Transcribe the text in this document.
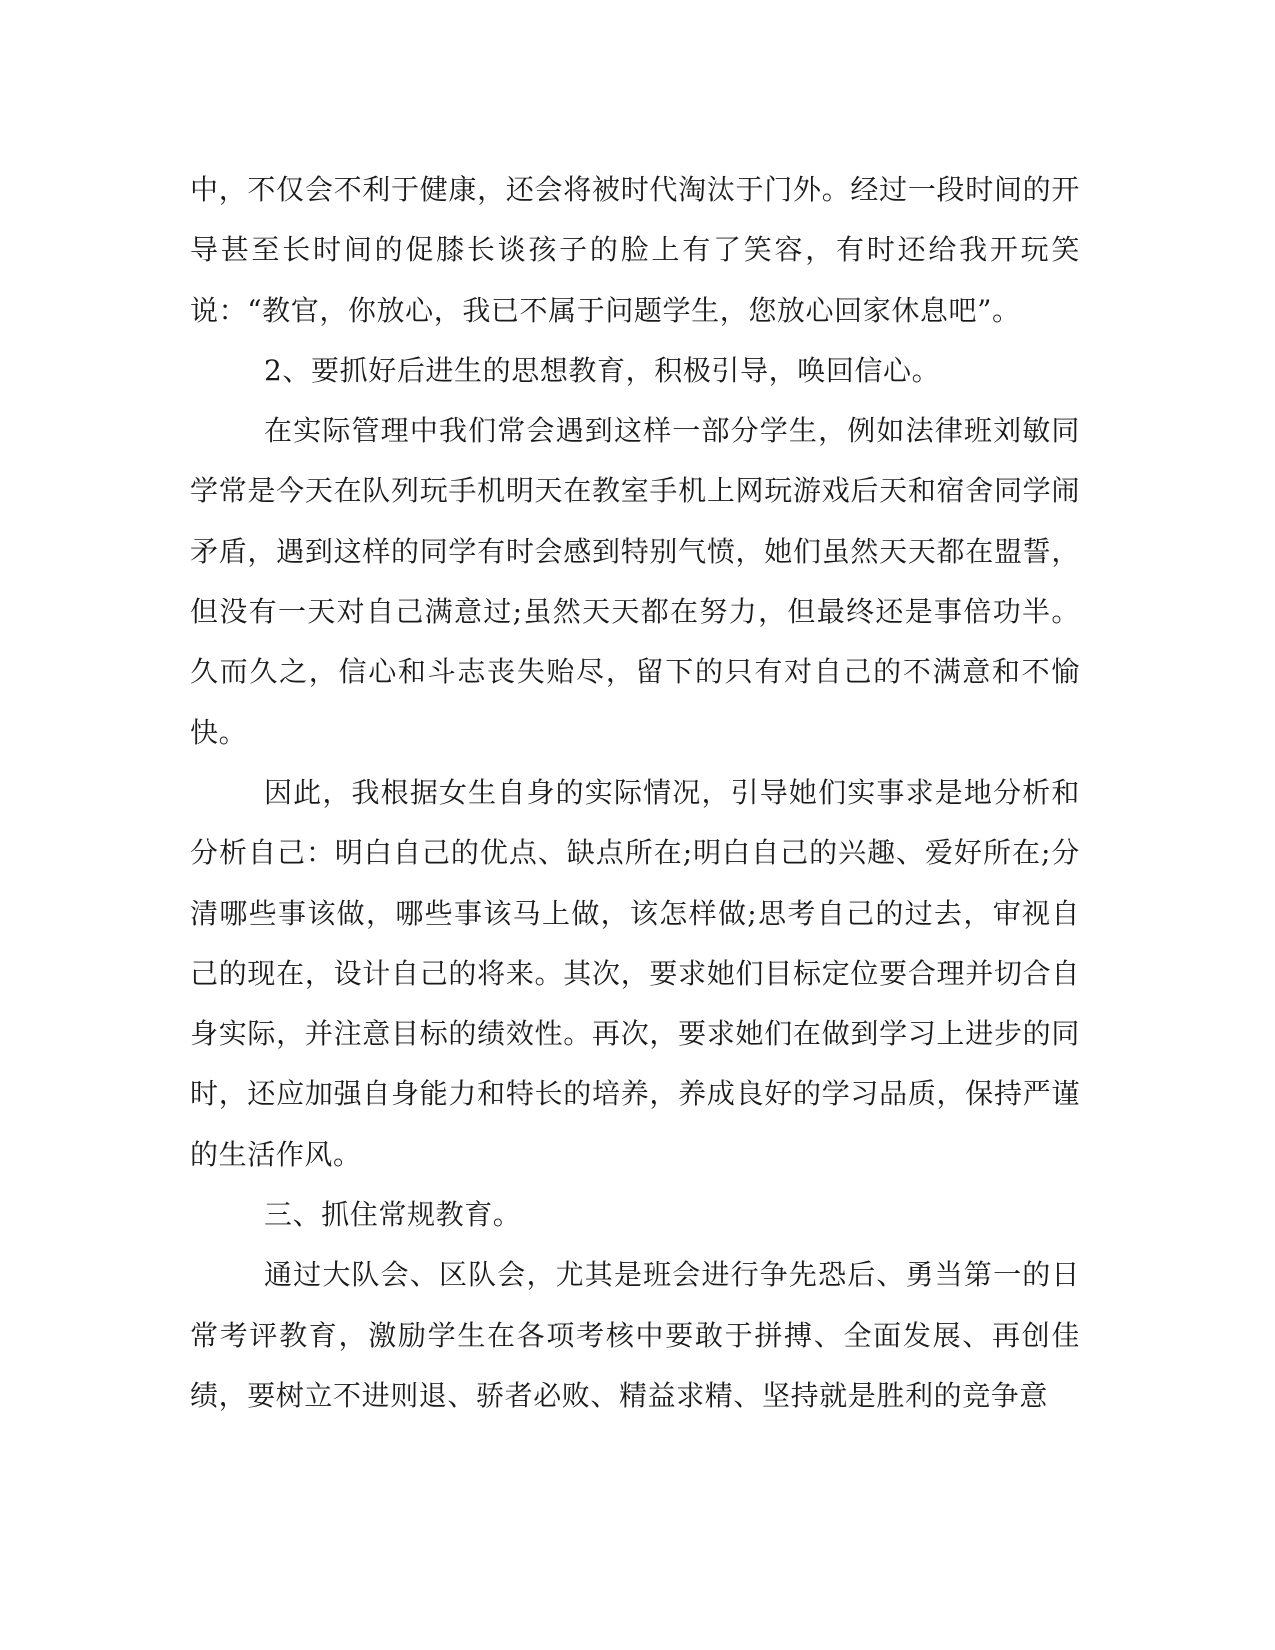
中，不仅会不利于健康，还会将被时代淘汰于门外。经过一段时间的开导甚至长时间的促膝长谈孩子的脸上有了笑容，有时还给我开玩笑说：“教官，你放心，我已不属于问题学生，您放心回家休息吧”。

2、要抓好后进生的思想教育，积极引导，唤回信心。

在实际管理中我们常会遇到这样一部分学生，例如法律班刘敏同学常是今天在队列玩手机明天在教室手机上网玩游戏后天和宿舍同学闹矛盾，遇到这样的同学有时会感到特别气愤，她们虽然天天都在盟誓，但没有一天对自己满意过;虽然天天都在努力，但最终还是事倍功半。久而久之，信心和斗志丧失贻尽，留下的只有对自己的不满意和不愉快。

因此，我根据女生自身的实际情况，引导她们实事求是地分析和分析自己：明白自己的优点、缺点所在;明白自己的兴趣、爱好所在;分清哪些事该做，哪些事该马上做，该怎样做;思考自己的过去，审视自己的现在，设计自己的将来。其次，要求她们目标定位要合理并切合自身实际，并注意目标的绩效性。再次，要求她们在做到学习上进步的同时，还应加强自身能力和特长的培养，养成良好的学习品质，保持严谨的生活作风。

三、抓住常规教育。

通过大队会、区队会，尤其是班会进行争先恐后、勇当第一的日常考评教育，激励学生在各项考核中要敢于拼搏、全面发展、再创佳绩，要树立不进则退、骄者必败、精益求精、坚持就是胜利的竞争意
